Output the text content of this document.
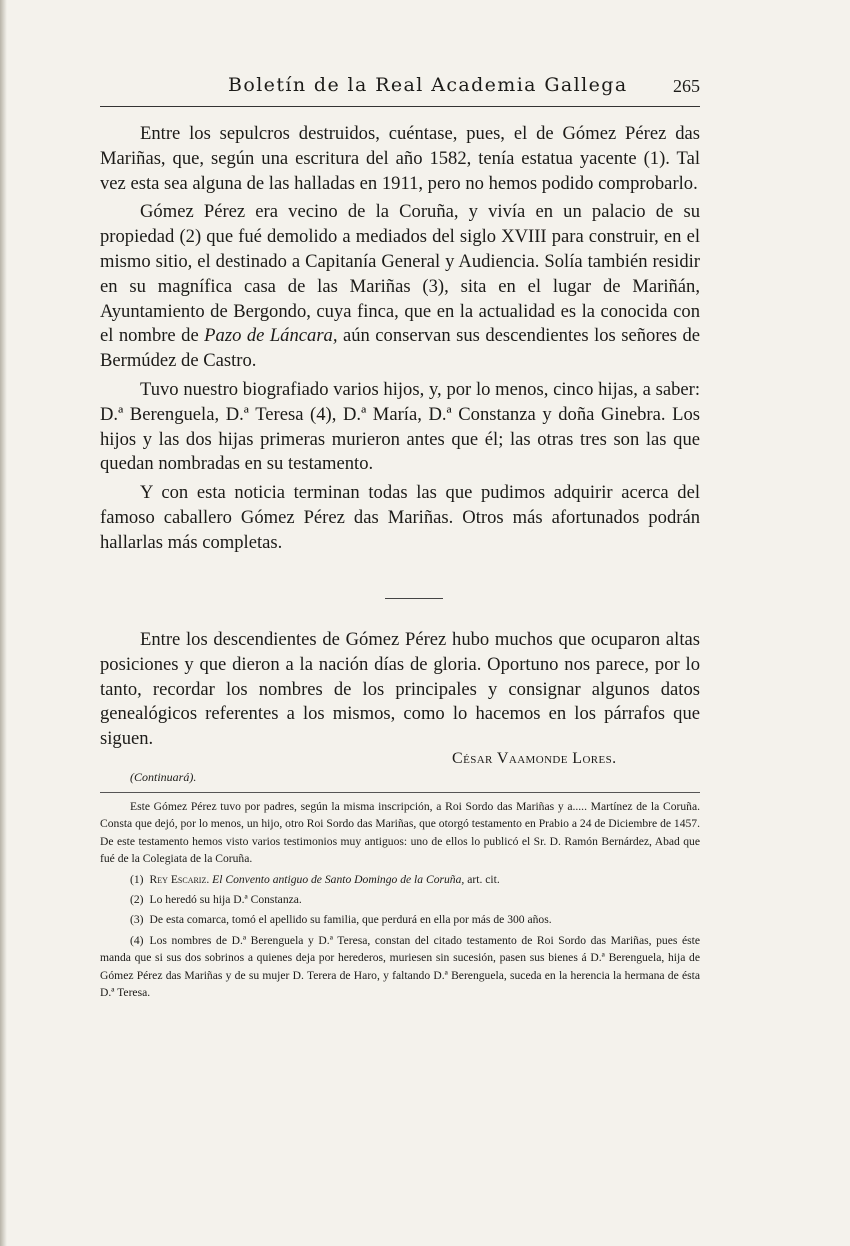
Boletín de la Real Academia Gallega	265

Entre los sepulcros destruidos, cuéntase, pues, el de Gómez Pérez das Mariñas, que, según una escritura del año 1582, tenía estatua yacente (1). Tal vez esta sea alguna de las halladas en 1911, pero no hemos podido comprobarlo.

Gómez Pérez era vecino de la Coruña, y vivía en un palacio de su propiedad (2) que fué demolido a mediados del siglo XVIII para construir, en el mismo sitio, el destinado a Capitanía General y Audiencia. Solía también residir en su magnífica casa de las Mariñas (3), sita en el lugar de Mariñán, Ayuntamiento de Bergondo, cuya finca, que en la actualidad es la conocida con el nombre de Pazo de Láncara, aún conservan sus descendientes los señores de Bermúdez de Castro.

Tuvo nuestro biografiado varios hijos, y, por lo menos, cinco hijas, a saber: D.ª Berenguela, D.ª Teresa (4), D.ª María, D.ª Constanza y doña Ginebra. Los hijos y las dos hijas primeras murieron antes que él; las otras tres son las que quedan nombradas en su testamento.

Y con esta noticia terminan todas las que pudimos adquirir acerca del famoso caballero Gómez Pérez das Mariñas. Otros más afortunados podrán hallarlas más completas.

Entre los descendientes de Gómez Pérez hubo muchos que ocuparon altas posiciones y que dieron a la nación días de gloria. Oportuno nos parece, por lo tanto, recordar los nombres de los principales y consignar algunos datos genealógicos referentes a los mismos, como lo hacemos en los párrafos que siguen.

César Vaamonde Lores.
(Continuará).

Este Gómez Pérez tuvo por padres, según la misma inscripción, a Roi Sordo das Mariñas y a..... Martínez de la Coruña. Consta que dejó, por lo menos, un hijo, otro Roi Sordo das Mariñas, que otorgó testamento en Prabio a 24 de Diciembre de 1457. De este testamento hemos visto varios testimonios muy antiguos: uno de ellos lo publicó el Sr. D. Ramón Bernárdez, Abad que fué de la Colegiata de la Coruña.

(1) Rey Escariz. El Convento antiguo de Santo Domingo de la Coruña, art. cit.

(2) Lo heredó su hija D.ª Constanza.

(3) De esta comarca, tomó el apellido su familia, que perdurá en ella por más de 300 años.

(4) Los nombres de D.ª Berenguela y D.ª Teresa, constan del citado testamento de Roi Sordo das Mariñas, pues éste manda que si sus dos sobrinos a quienes deja por herederos, muriesen sin sucesión, pasen sus bienes á D.ª Berenguela, hija de Gómez Pérez das Mariñas y de su mujer D. Terera de Haro, y faltando D.ª Berenguela, suceda en la herencia la hermana de ésta D.ª Teresa.
